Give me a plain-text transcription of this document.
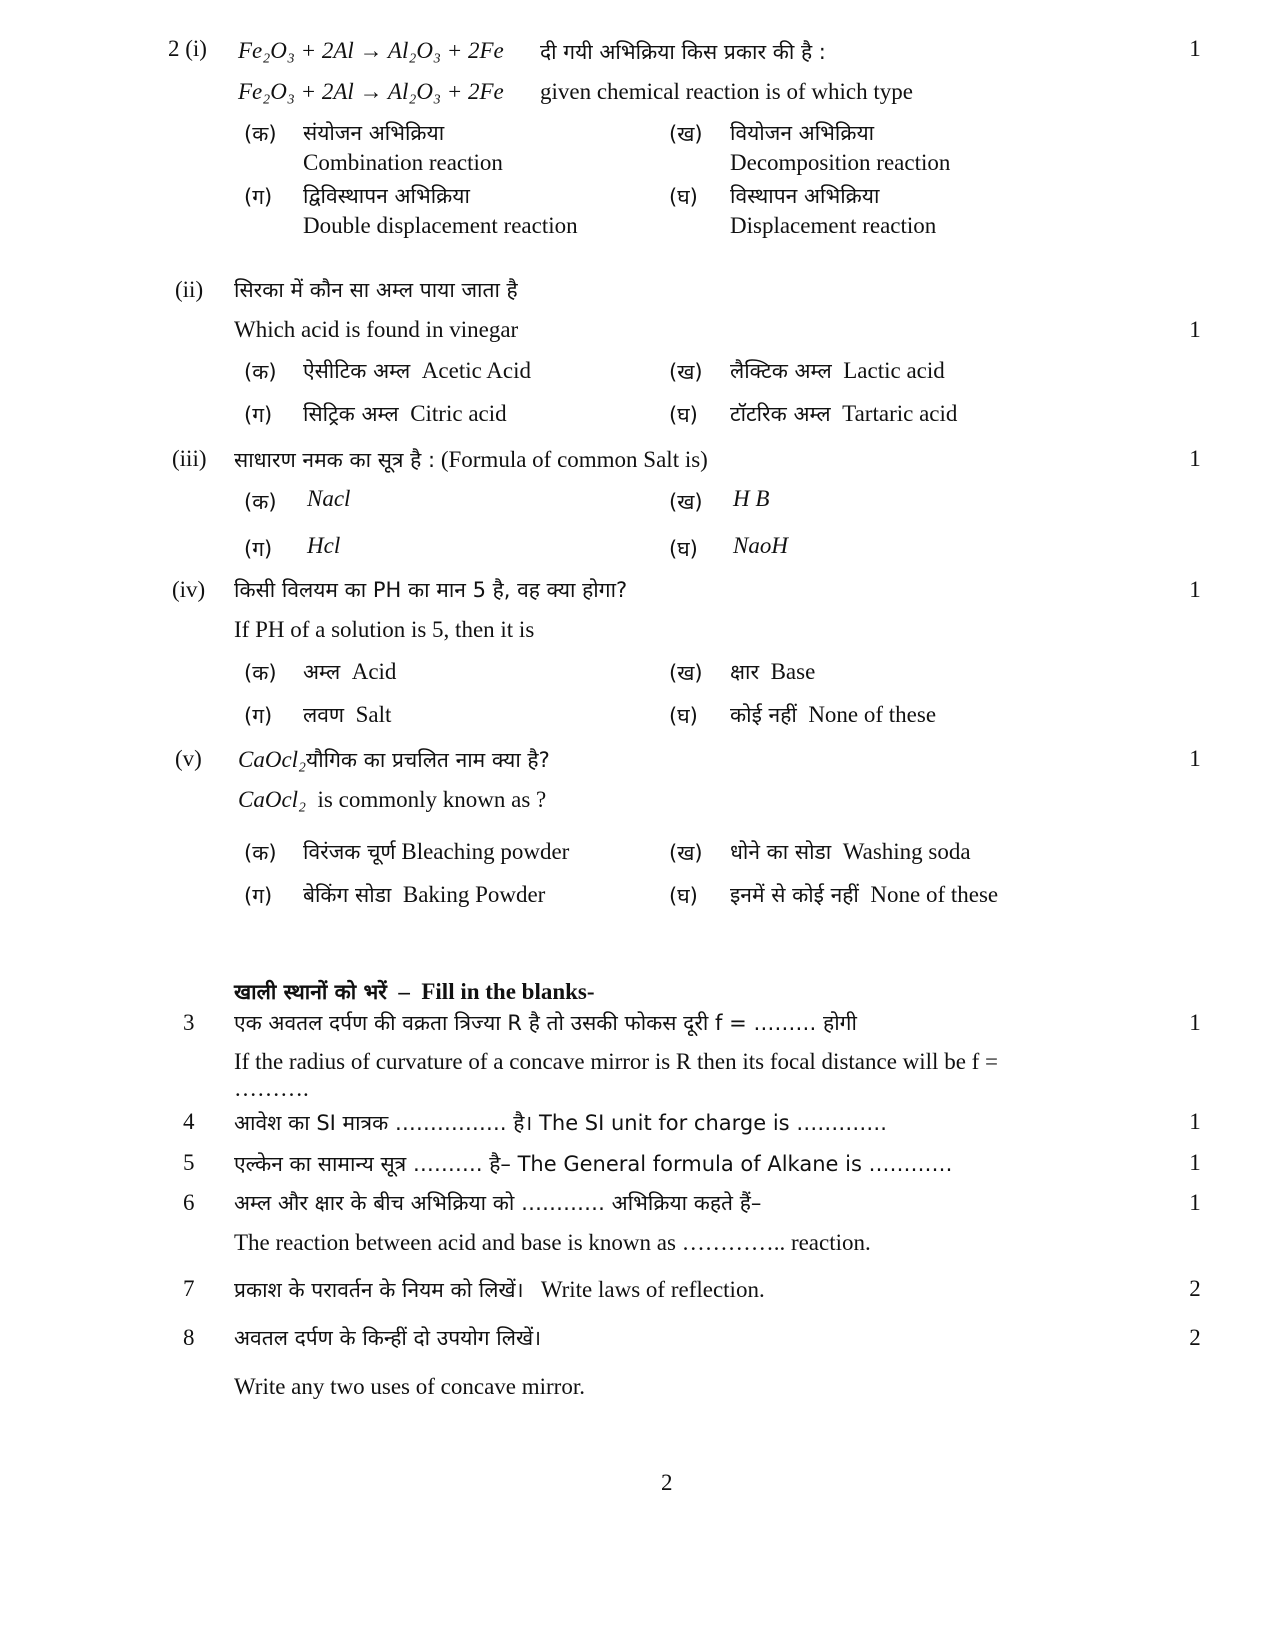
2 (i)	1
Fe₂O₃ + 2Al → Al₂O₃ + 2Fe दी गयी अभिक्रिया किस प्रकार की है :
Fe₂O₃ + 2Al → Al₂O₃ + 2Fe given chemical reaction is of which type
(क) संयोजन अभिक्रिया
Combination reaction
(ख) वियोजन अभिक्रिया
Decomposition reaction
(ग) द्विविस्थापन अभिक्रिया
Double displacement reaction
(घ) विस्थापन अभिक्रिया
Displacement reaction
(ii) सिरका में कौन सा अम्ल पाया जाता है
Which acid is found in vinegar	1
(क) ऐसीटिक अम्ल Acetic Acid	(ख) लैक्टिक अम्ल Lactic acid
(ग) सिट्रिक अम्ल Citric acid	(घ) टॉटरिक अम्ल Tartaric acid
(iii) साधारण नमक का सूत्र है : (Formula of common Salt is)	1
(क) Nacl	(ख) H B
(ग) Hcl	(घ) NaoH
(iv) किसी विलयम का PH का मान 5 है, वह क्या होगा?	1
If PH of a solution is 5, then it is
(क) अम्ल Acid	(ख) क्षार Base
(ग) लवण Salt	(घ) कोई नहीं None of these
(v) CaOcl₂यौगिक का प्रचलित नाम क्या है?	1
CaOcl₂ is commonly known as ?
(क) विरंजक चूर्ण Bleaching powder	(ख) धोने का सोडा Washing soda
(ग) बेकिंग सोडा Baking Powder	(घ) इनमें से कोई नहीं None of these
खाली स्थानों को भरें – Fill in the blanks-
3 एक अवतल दर्पण की वक्रता त्रिज्या R है तो उसकी फोकस दूरी f = ……… होगी	1
If the radius of curvature of a concave mirror is R then its focal distance will be f =
……….
4 आवेश का SI मात्रक ……………. है। The SI unit for charge is ………….	1
5 एल्केन का सामान्य सूत्र ………. है– The General formula of Alkane is …………	1
6 अम्ल और क्षार के बीच अभिक्रिया को ………… अभिक्रिया कहते हैं–	1
The reaction between acid and base is known as ………….. reaction.
7 प्रकाश के परावर्तन के नियम को लिखें। Write laws of reflection.	2
8 अवतल दर्पण के किन्हीं दो उपयोग लिखें।	2
Write any two uses of concave mirror.
2
